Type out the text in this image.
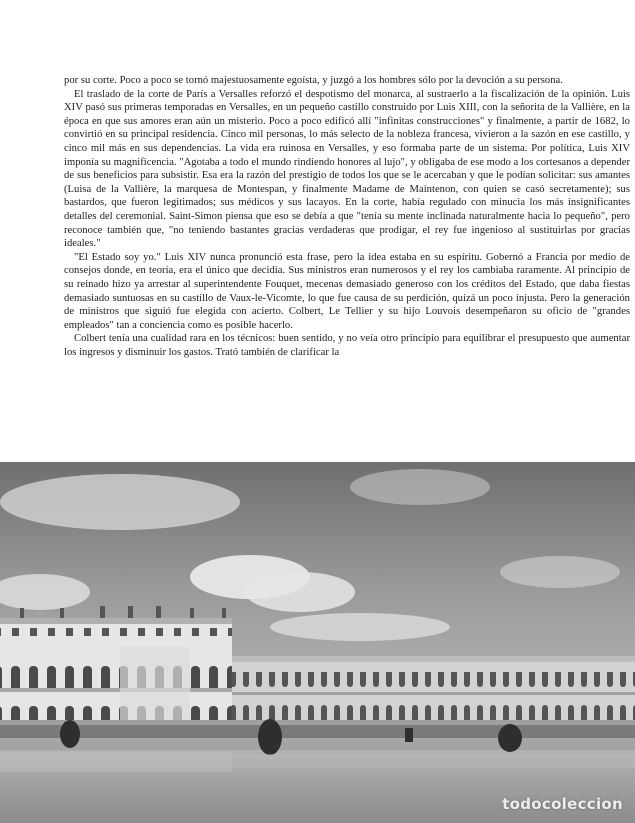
por su corte. Poco a poco se tornó majestuosamente egoísta, y juzgó a los hombres sólo por la devoción a su persona.

El traslado de la corte de París a Versalles reforzó el despotismo del monarca, al sustraerlo a la fiscalización de la opinión. Luis XIV pasó sus primeras temporadas en Versalles, en un pequeño castillo construido por Luis XIII, con la señorita de la Vallière, en la época en que sus amores eran aún un misterio. Poco a poco edificó allí "infinitas construcciones" y finalmente, a partir de 1682, lo convirtió en su principal residencia. Cinco mil personas, lo más selecto de la nobleza francesa, vivieron a la sazón en ese castillo, y cinco mil más en sus dependencias. La vida era ruinosa en Versalles, y eso formaba parte de un sistema. Por política, Luis XIV imponía su magnificencia. "Agotaba a todo el mundo rindiendo honores al lujo", y obligaba de ese modo a los cortesanos a depender de sus beneficios para subsistir. Esa era la razón del prestigio de todos los que se le acercaban y que le podían solicitar: sus amantes (Luisa de la Vallière, la marquesa de Montespan, y finalmente Madame de Maintenon, con quien se casó secretamente); sus bastardos, que fueron legitimados; sus médicos y sus lacayos. En la corte, había regulado con minucia los más insignificantes detalles del ceremonial. Saint-Simon piensa que eso se debía a que "tenía su mente inclinada naturalmente hacia lo pequeño", pero reconoce también que, "no teniendo bastantes gracias verdaderas que prodigar, el rey fue ingenioso al sustituirlas por gracias ideales."

"El Estado soy yo." Luis XIV nunca pronunció esta frase, pero la idea estaba en su espíritu. Gobernó a Francia por medio de consejos donde, en teoría, era el único que decidía. Sus ministros eran numerosos y el rey los cambiaba raramente. Al principio de su reinado hizo ya arrestar al superintendente Fouquet, mecenas demasiado generoso con los créditos del Estado, que daba fiestas demasiado suntuosas en su castillo de Vaux-le-Vicomte, lo que fue causa de su perdición, quizá un poco injusta. Pero la generación de ministros que siguió fue elegida con acierto. Colbert, Le Tellier y su hijo Louvois desempeñaron su oficio de "grandes empleados" tan a conciencia como es posible hacerlo.

Colbert tenía una cualidad rara en los técnicos: buen sentido, y no veía otro principio para equilibrar el presupuesto que aumentar los ingresos y disminuir los gastos. Trató también de clarificar la

todocoleccion
